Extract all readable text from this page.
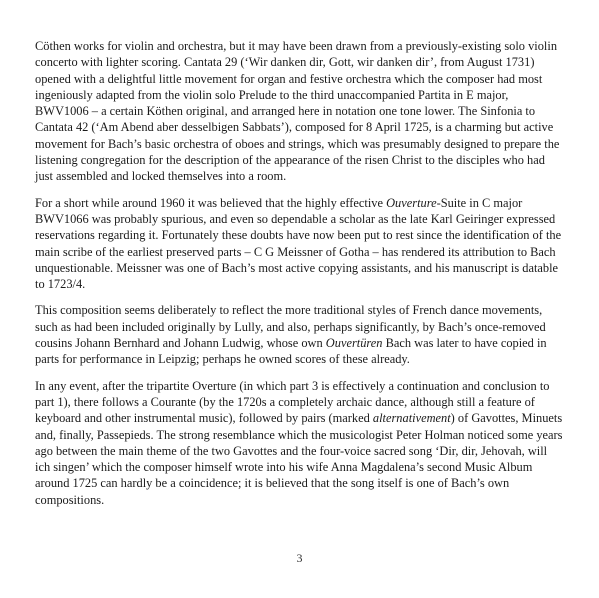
Cöthen works for violin and orchestra, but it may have been drawn from a previously-existing solo violin concerto with lighter scoring. Cantata 29 (‘Wir danken dir, Gott, wir danken dir’, from August 1731) opened with a delightful little movement for organ and festive orchestra which the composer had most ingeniously adapted from the violin solo Prelude to the third unaccompanied Partita in E major, BWV1006 – a certain Köthen original, and arranged here in notation one tone lower. The Sinfonia to Cantata 42 (‘Am Abend aber desselbigen Sabbats’), composed for 8 April 1725, is a charming but active movement for Bach’s basic orchestra of oboes and strings, which was presumably designed to prepare the listening congregation for the description of the appearance of the risen Christ to the disciples who had just assembled and locked themselves into a room.

For a short while around 1960 it was believed that the highly effective Ouverture-Suite in C major BWV1066 was probably spurious, and even so dependable a scholar as the late Karl Geiringer expressed reservations regarding it. Fortunately these doubts have now been put to rest since the identification of the main scribe of the earliest preserved parts – C G Meissner of Gotha – has rendered its attribution to Bach unquestionable. Meissner was one of Bach’s most active copying assistants, and his manuscript is datable to 1723/4.

This composition seems deliberately to reflect the more traditional styles of French dance movements, such as had been included originally by Lully, and also, perhaps significantly, by Bach’s once-removed cousins Johann Bernhard and Johann Ludwig, whose own Ouvertüren Bach was later to have copied in parts for performance in Leipzig; perhaps he owned scores of these already.

In any event, after the tripartite Overture (in which part 3 is effectively a continuation and conclusion to part 1), there follows a Courante (by the 1720s a completely archaic dance, although still a feature of keyboard and other instrumental music), followed by pairs (marked alternativement) of Gavottes, Minuets and, finally, Passepieds. The strong resemblance which the musicologist Peter Holman noticed some years ago between the main theme of the two Gavottes and the four-voice sacred song ‘Dir, dir, Jehovah, will ich singen’ which the composer himself wrote into his wife Anna Magdalena’s second Music Album around 1725 can hardly be a coincidence; it is believed that the song itself is one of Bach’s own compositions.

3
